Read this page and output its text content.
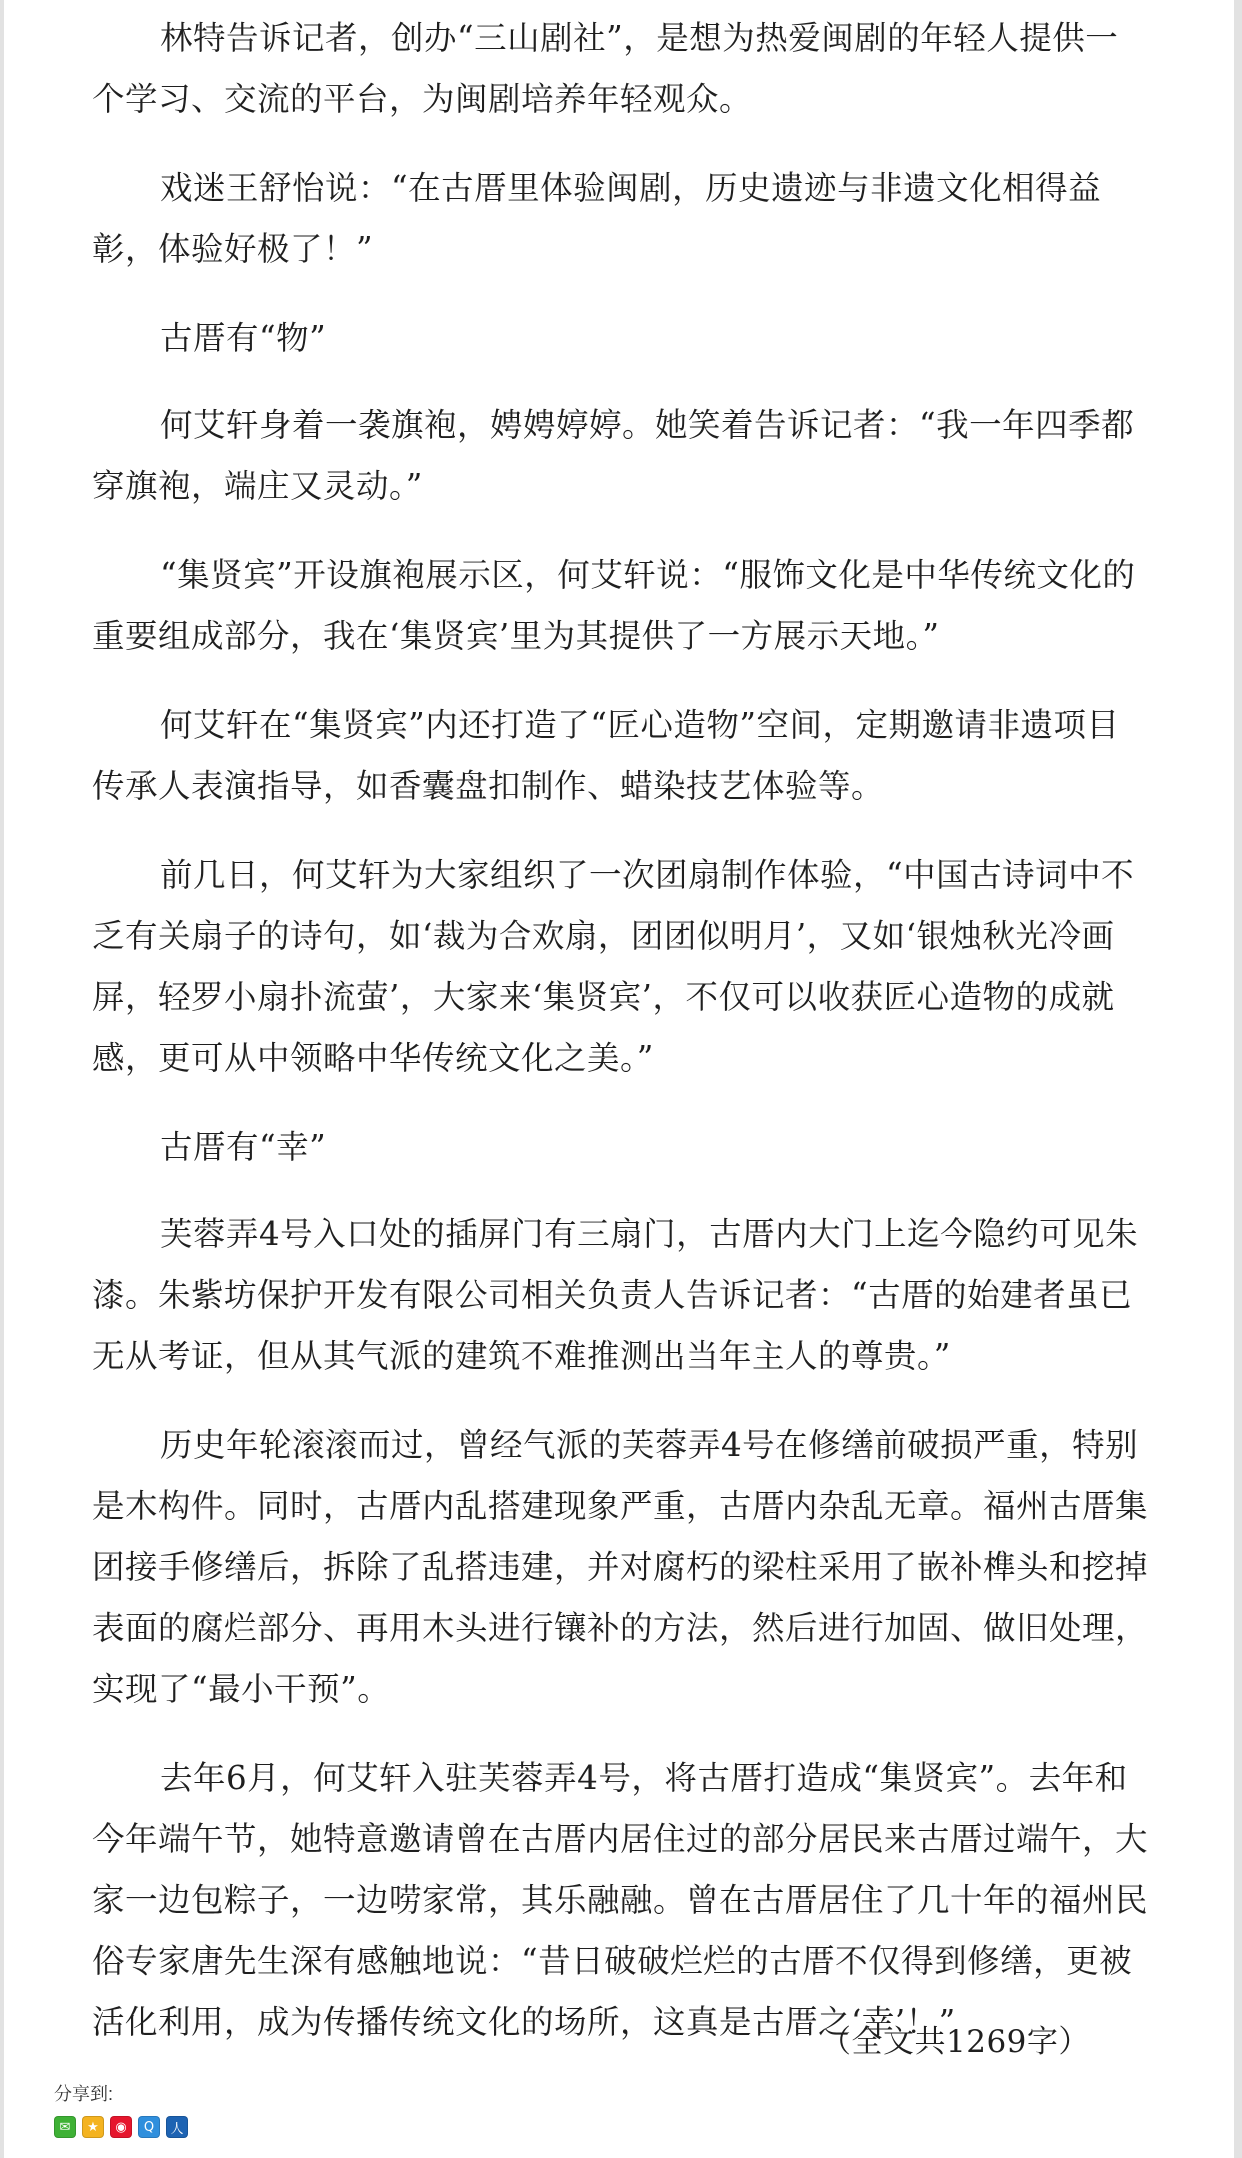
林特告诉记者，创办“三山剧社”，是想为热爱闽剧的年轻人提供一个学习、交流的平台，为闽剧培养年轻观众。

戏迷王舒怡说：“在古厝里体验闽剧，历史遗迹与非遗文化相得益彰，体验好极了！”

古厝有“物”

何艾轩身着一袭旗袍，娉娉婷婷。她笑着告诉记者：“我一年四季都穿旗袍，端庄又灵动。”

“集贤宾”开设旗袍展示区，何艾轩说：“服饰文化是中华传统文化的重要组成部分，我在‘集贤宾’里为其提供了一方展示天地。”

何艾轩在“集贤宾”内还打造了“匠心造物”空间，定期邀请非遗项目传承人表演指导，如香囊盘扣制作、蜡染技艺体验等。

前几日，何艾轩为大家组织了一次团扇制作体验，“中国古诗词中不乏有关扇子的诗句，如‘裁为合欢扇，团团似明月’，又如‘银烛秋光冷画屏，轻罗小扇扑流萤’，大家来‘集贤宾’，不仅可以收获匠心造物的成就感，更可从中领略中华传统文化之美。”

古厝有“幸”

芙蓉弄4号入口处的插屏门有三扇门，古厝内大门上迄今隐约可见朱漆。朱紫坊保护开发有限公司相关负责人告诉记者：“古厝的始建者虽已无从考证，但从其气派的建筑不难推测出当年主人的尊贵。”

历史年轮滚滚而过，曾经气派的芙蓉弄4号在修缮前破损严重，特别是木构件。同时，古厝内乱搭建现象严重，古厝内杂乱无章。福州古厝集团接手修缮后，拆除了乱搭违建，并对腐朽的梁柱采用了嵌补榫头和挖掉表面的腐烂部分、再用木头进行镶补的方法，然后进行加固、做旧处理，实现了“最小干预”。

去年6月，何艾轩入驻芙蓉弄4号，将古厝打造成“集贤宾”。去年和今年端午节，她特意邀请曾在古厝内居住过的部分居民来古厝过端午，大家一边包粽子，一边唠家常，其乐融融。曾在古厝居住了几十年的福州民俗专家唐先生深有感触地说：“昔日破破烂烂的古厝不仅得到修缮，更被活化利用，成为传播传统文化的场所，这真是古厝之‘幸’！”

（全文共1269字）
分享到:
✉	★	◉	Q	人
